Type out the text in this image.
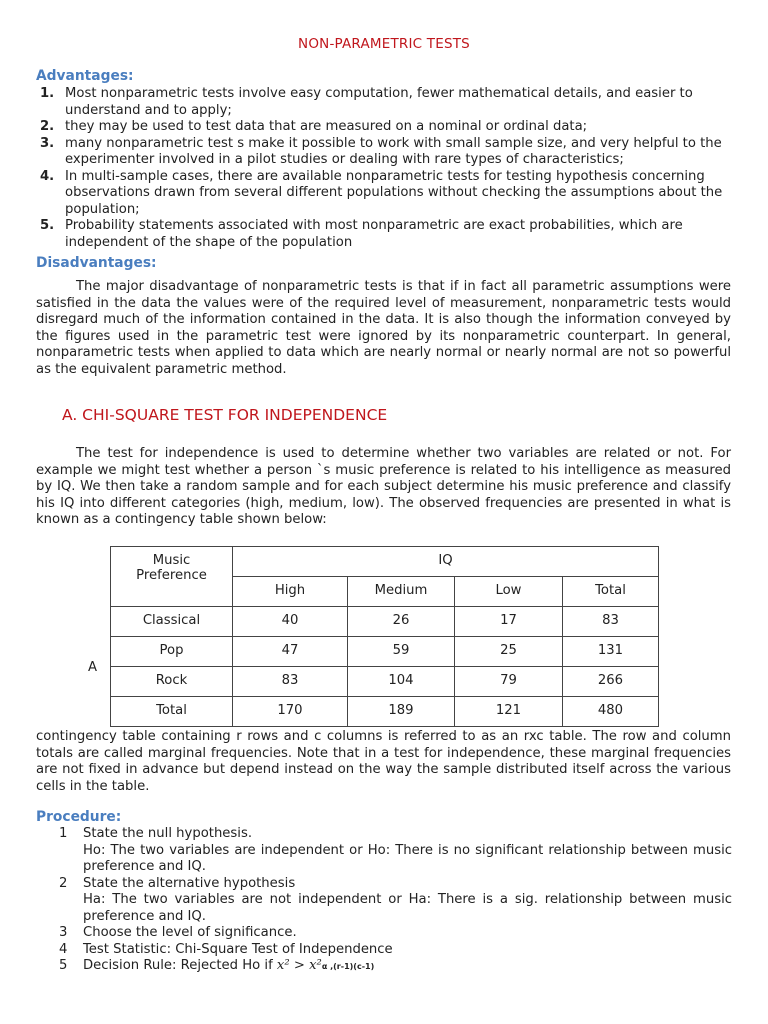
NON-PARAMETRIC TESTS
Advantages:
1. Most nonparametric tests involve easy computation, fewer mathematical details, and easier to understand and to apply;
2. they may be used to test data that are measured on a nominal or ordinal data;
3. many nonparametric test s make it possible to work with small sample size, and very helpful to the experimenter involved in a pilot studies or dealing with rare types of characteristics;
4. In multi-sample cases, there are available nonparametric tests for testing hypothesis concerning observations drawn from several different populations without checking the assumptions about the population;
5. Probability statements associated with most nonparametric are exact probabilities, which are independent of the shape of the population
Disadvantages:

The major disadvantage of nonparametric tests is that if in fact all parametric assumptions were satisfied in the data the values were of the required level of measurement, nonparametric tests would disregard much of the information contained in the data. It is also though the information conveyed by the figures used in the parametric test were ignored by its nonparametric counterpart. In general, nonparametric tests when applied to data which are nearly normal or nearly normal are not so powerful as the equivalent parametric method.

A. CHI-SQUARE TEST FOR INDEPENDENCE

The test for independence is used to determine whether two variables are related or not. For example we might test whether a person `s music preference is related to his intelligence as measured by IQ. We then take a random sample and for each subject determine his music preference and classify his IQ into different categories (high, medium, low). The observed frequencies are presented in what is known as a contingency table shown below:

Music
Preference	IQ			
	High	Medium	Low	Total
Classical	40	26	17	83
Pop	47	59	25	131
Rock	83	104	79	266
Total	170	189	121	480
A

contingency table containing r rows and c columns is referred to as an rxc table. The row and column totals are called marginal frequencies. Note that in a test for independence, these marginal frequencies are not fixed in advance but depend instead on the way the sample distributed itself across the various cells in the table.

Procedure:
1 State the null hypothesis.
Ho: The two variables are independent or Ho: There is no significant relationship between music preference and IQ.
2 State the alternative hypothesis
Ha: The two variables are not independent or Ha: There is a sig. relationship between music preference and IQ.
3 Choose the level of significance.
4 Test Statistic: Chi-Square Test of Independence
5 Decision Rule: Rejected Ho if x² > x²α ,(r-1)(c-1)
